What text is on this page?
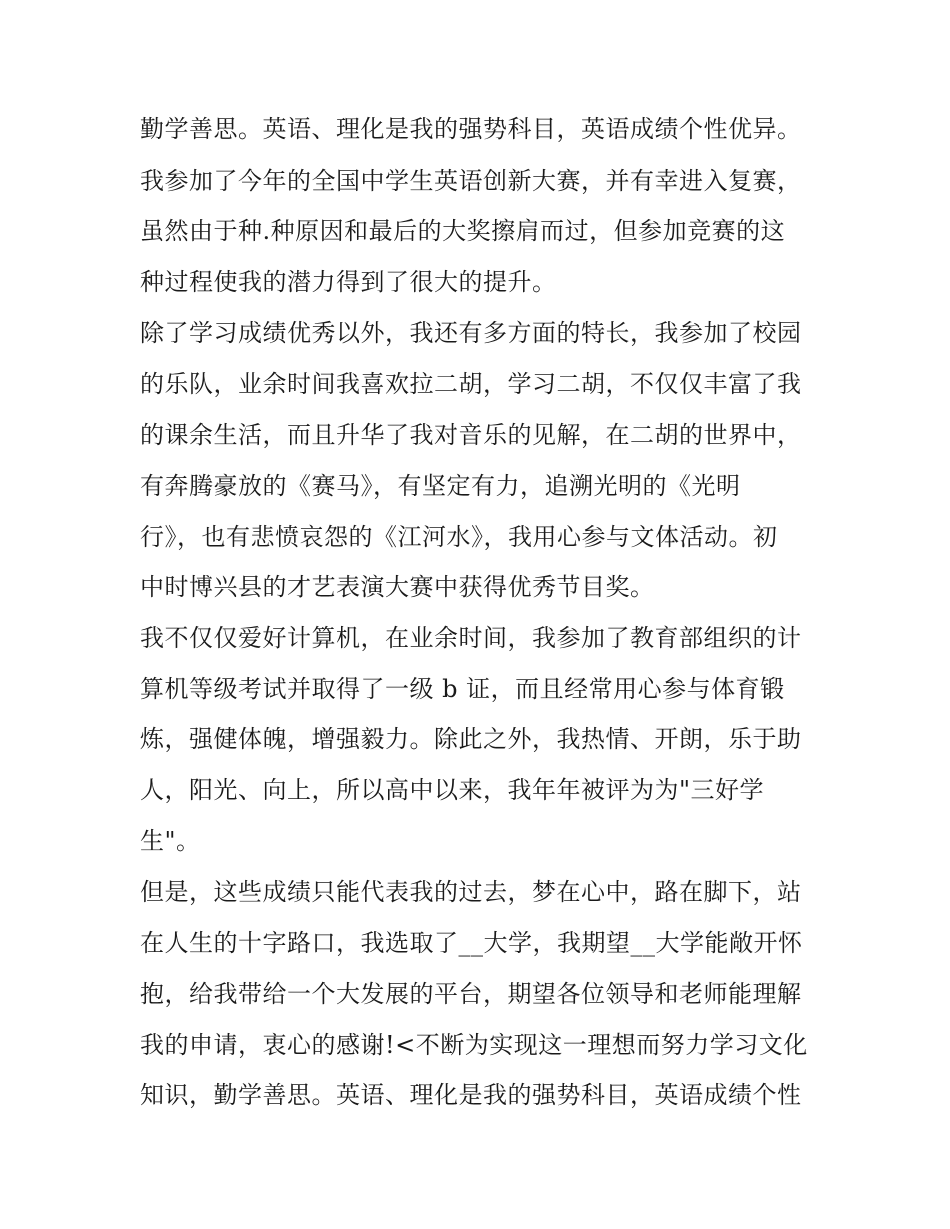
勤学善思。英语、理化是我的强势科目，英语成绩个性优异。
我参加了今年的全国中学生英语创新大赛，并有幸进入复赛，
虽然由于种.种原因和最后的大奖擦肩而过，但参加竞赛的这
种过程使我的潜力得到了很大的提升。
除了学习成绩优秀以外，我还有多方面的特长，我参加了校园
的乐队，业余时间我喜欢拉二胡，学习二胡，不仅仅丰富了我
的课余生活，而且升华了我对音乐的见解，在二胡的世界中，
有奔腾豪放的《赛马》，有坚定有力，追溯光明的《光明
行》，也有悲愤哀怨的《江河水》，我用心参与文体活动。初
中时博兴县的才艺表演大赛中获得优秀节目奖。
我不仅仅爱好计算机，在业余时间，我参加了教育部组织的计
算机等级考试并取得了一级 b 证，而且经常用心参与体育锻
炼，强健体魄，增强毅力。除此之外，我热情、开朗，乐于助
人，阳光、向上，所以高中以来，我年年被评为为"三好学
生"。
但是，这些成绩只能代表我的过去，梦在心中，路在脚下，站
在人生的十字路口，我选取了__大学，我期望__大学能敞开怀
抱，给我带给一个大发展的平台，期望各位领导和老师能理解
我的申请，衷心的感谢!<不断为实现这一理想而努力学习文化
知识，勤学善思。英语、理化是我的强势科目，英语成绩个性
